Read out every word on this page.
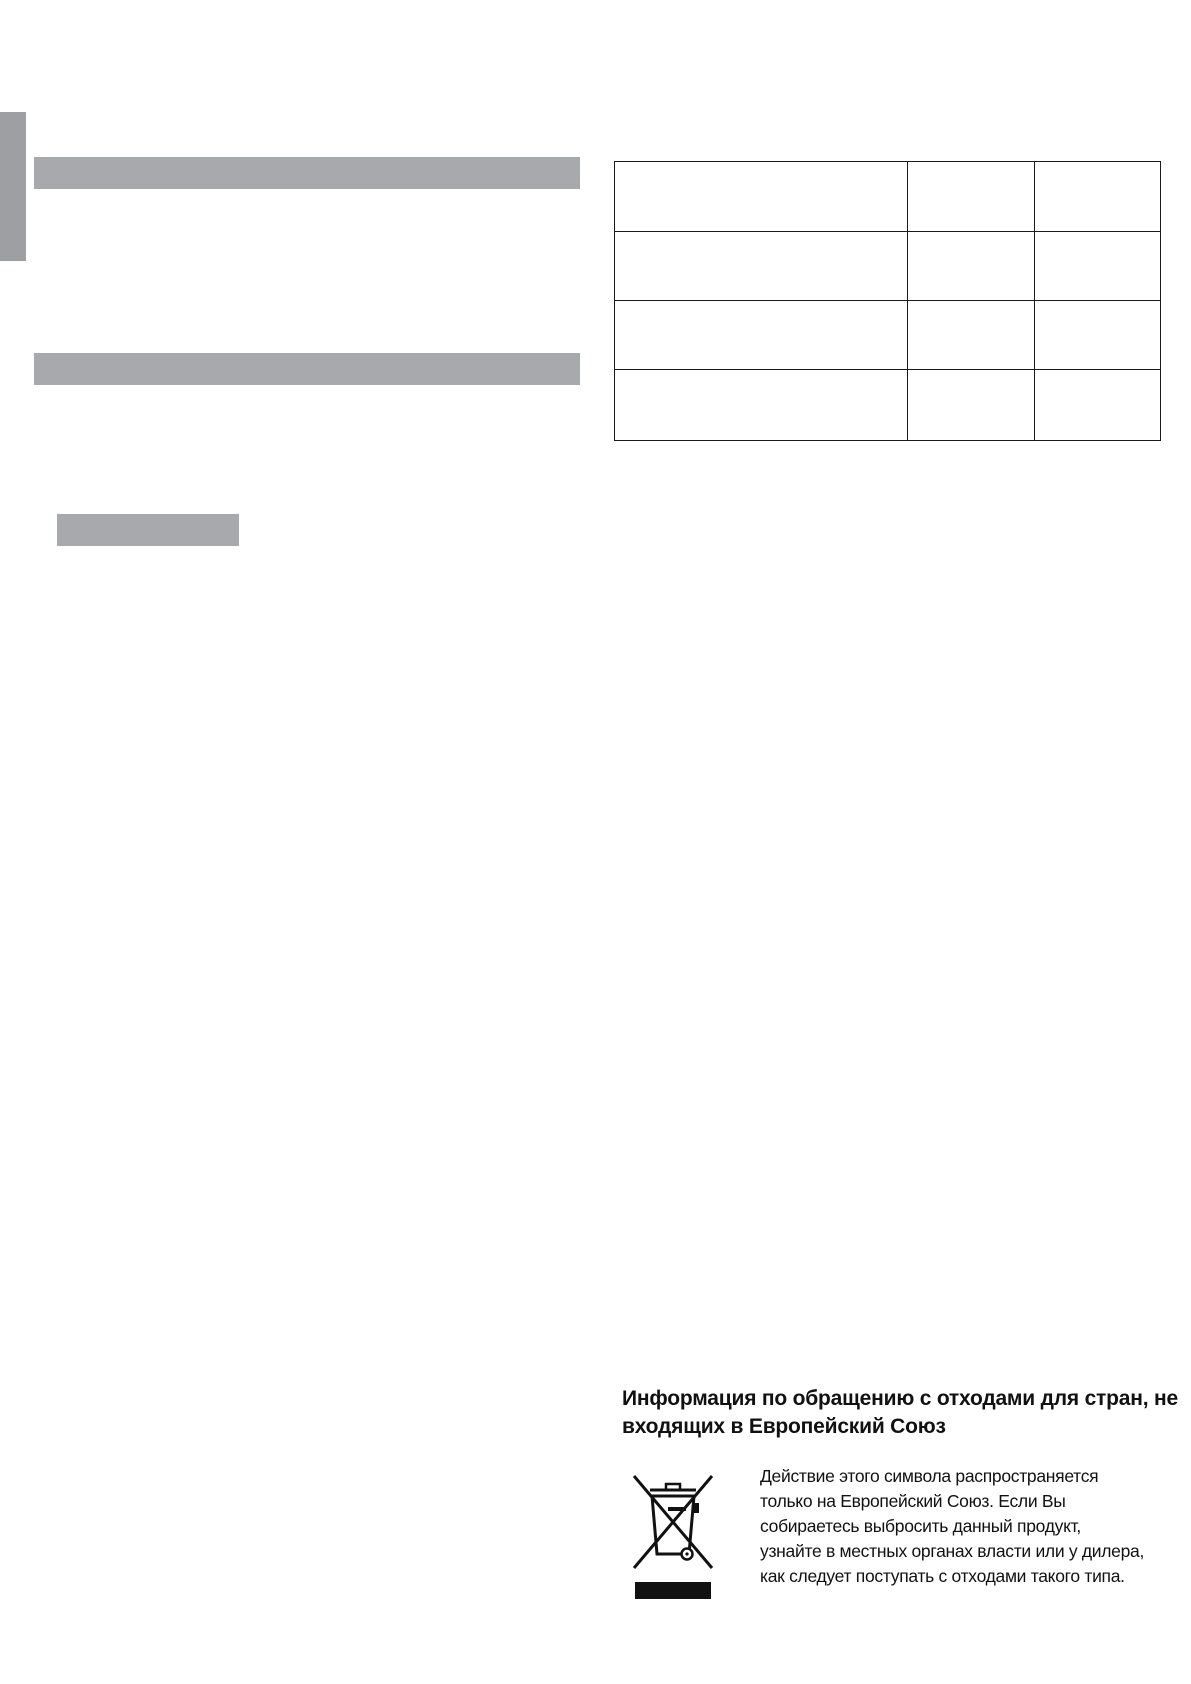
Информация по обращению с отходами для стран, не
входящих в Европейский Союз
Действие этого символа распространяется
только на Европейский Союз. Если Вы
собираетесь выбросить данный продукт,
узнайте в местных органах власти или у дилера,
как следует поступать с отходами такого типа.
